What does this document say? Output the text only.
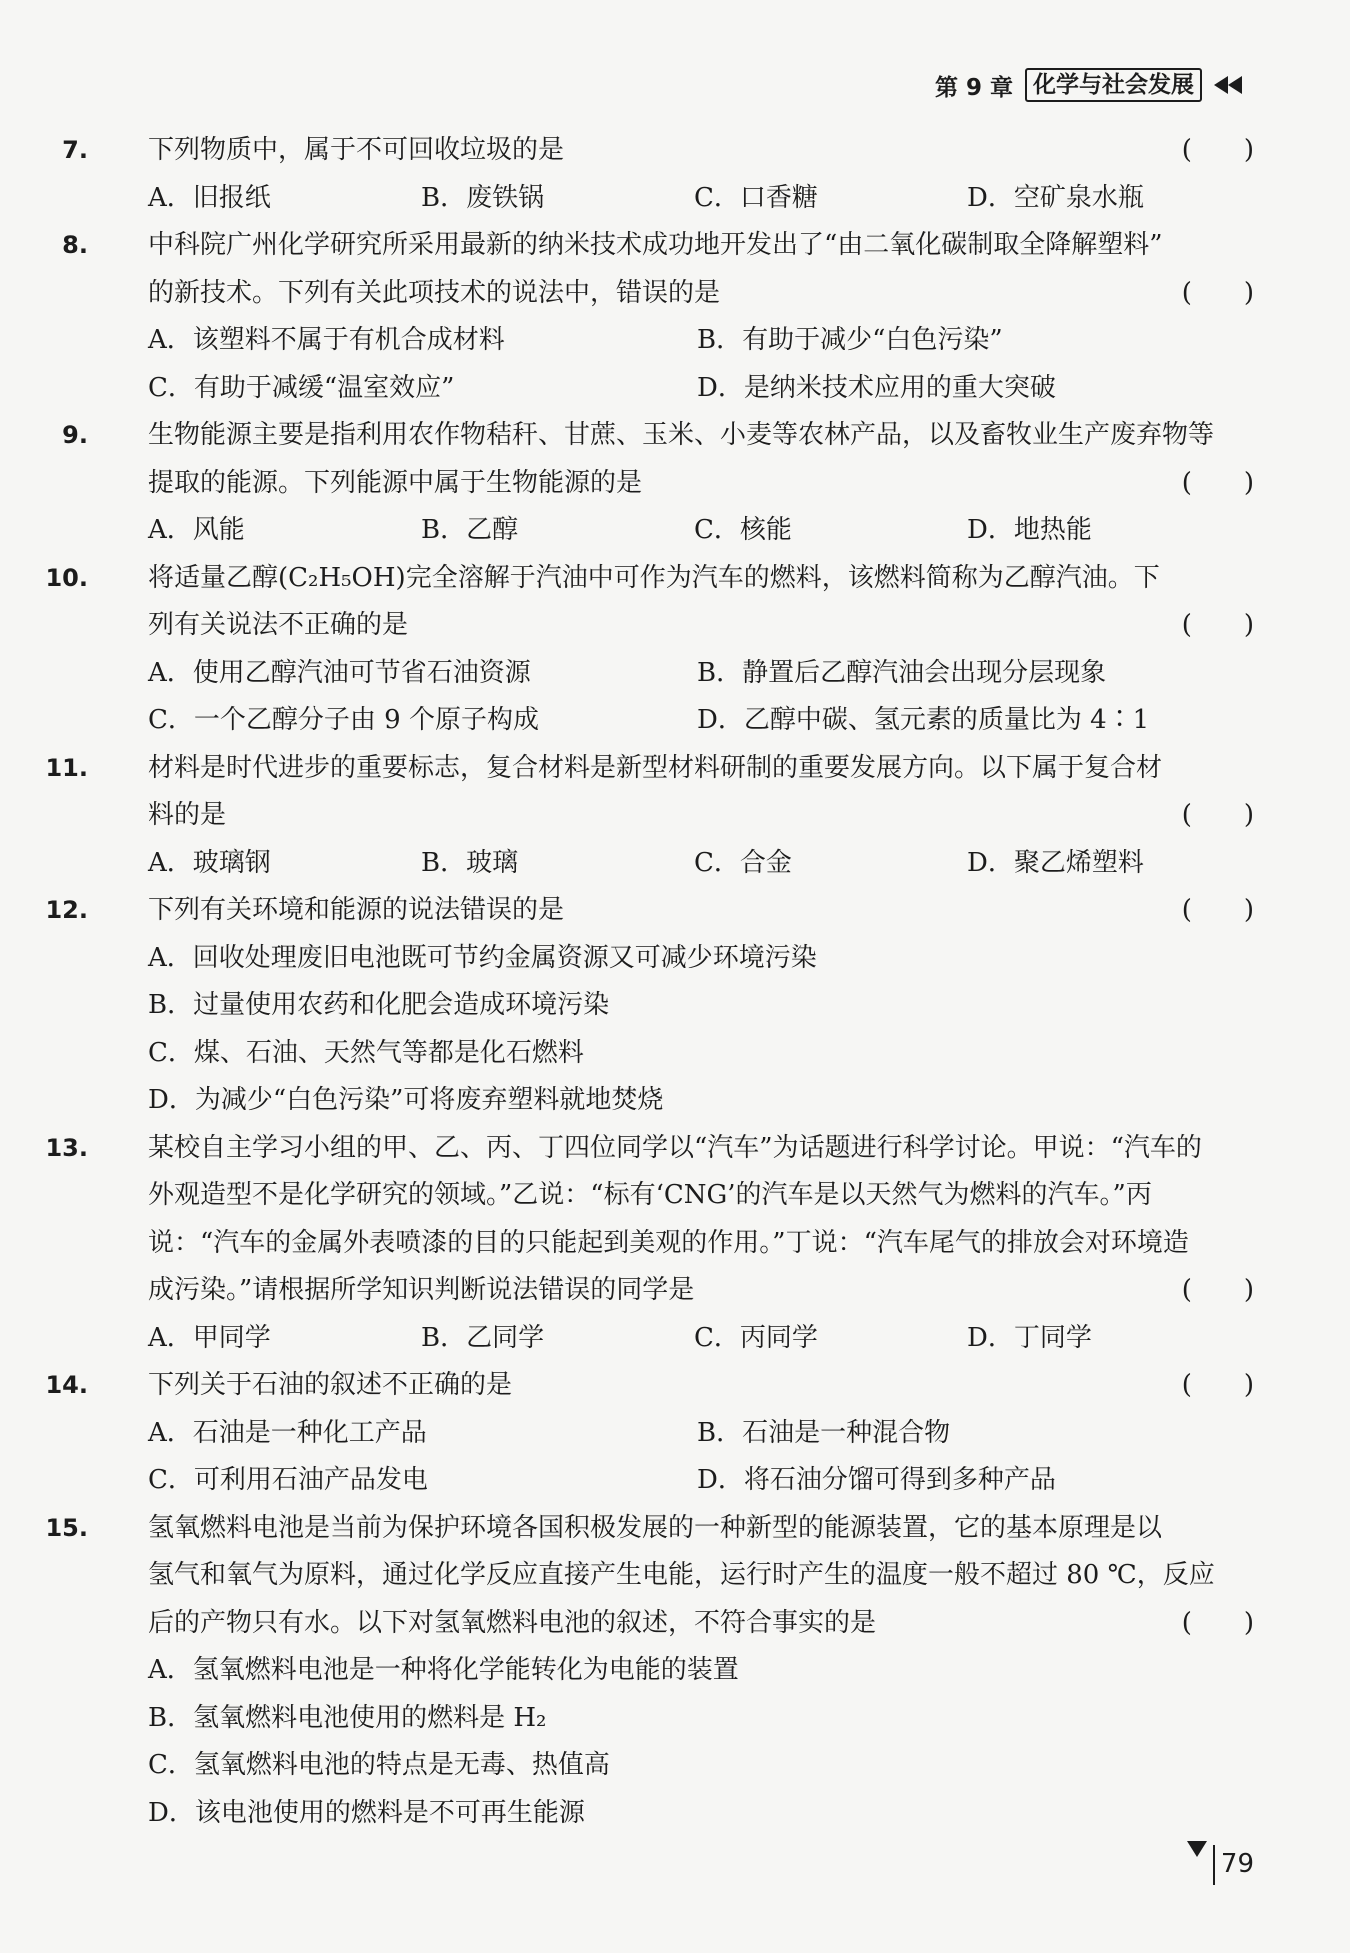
第 9 章 化学与社会发展
7.	下列物质中，属于不可回收垃圾的是	(　　)
A．旧报纸	B．废铁锅	C．口香糖	D．空矿泉水瓶
8.	中科院广州化学研究所采用最新的纳米技术成功地开发出了“由二氧化碳制取全降解塑料”
的新技术。下列有关此项技术的说法中，错误的是	(　　)
A．该塑料不属于有机合成材料	B．有助于减少“白色污染”
C．有助于减缓“温室效应”	D．是纳米技术应用的重大突破
9.	生物能源主要是指利用农作物秸秆、甘蔗、玉米、小麦等农林产品，以及畜牧业生产废弃物等
提取的能源。下列能源中属于生物能源的是	(　　)
A．风能	B．乙醇	C．核能	D．地热能
10.	将适量乙醇(C₂H₅OH)完全溶解于汽油中可作为汽车的燃料，该燃料简称为乙醇汽油。下
列有关说法不正确的是	(　　)
A．使用乙醇汽油可节省石油资源	B．静置后乙醇汽油会出现分层现象
C．一个乙醇分子由 9 个原子构成	D．乙醇中碳、氢元素的质量比为 4∶1
11.	材料是时代进步的重要标志，复合材料是新型材料研制的重要发展方向。以下属于复合材
料的是	(　　)
A．玻璃钢	B．玻璃	C．合金	D．聚乙烯塑料
12.	下列有关环境和能源的说法错误的是	(　　)
A．回收处理废旧电池既可节约金属资源又可减少环境污染
B．过量使用农药和化肥会造成环境污染
C．煤、石油、天然气等都是化石燃料
D．为减少“白色污染”可将废弃塑料就地焚烧
13.	某校自主学习小组的甲、乙、丙、丁四位同学以“汽车”为话题进行科学讨论。甲说：“汽车的
外观造型不是化学研究的领域。”乙说：“标有‘CNG’的汽车是以天然气为燃料的汽车。”丙
说：“汽车的金属外表喷漆的目的只能起到美观的作用。”丁说：“汽车尾气的排放会对环境造
成污染。”请根据所学知识判断说法错误的同学是	(　　)
A．甲同学	B．乙同学	C．丙同学	D．丁同学
14.	下列关于石油的叙述不正确的是	(　　)
A．石油是一种化工产品	B．石油是一种混合物
C．可利用石油产品发电	D．将石油分馏可得到多种产品
15.	氢氧燃料电池是当前为保护环境各国积极发展的一种新型的能源装置，它的基本原理是以
氢气和氧气为原料，通过化学反应直接产生电能，运行时产生的温度一般不超过 80 ℃，反应
后的产物只有水。以下对氢氧燃料电池的叙述，不符合事实的是	(　　)
A．氢氧燃料电池是一种将化学能转化为电能的装置
B．氢氧燃料电池使用的燃料是 H₂
C．氢氧燃料电池的特点是无毒、热值高
D．该电池使用的燃料是不可再生能源
79
